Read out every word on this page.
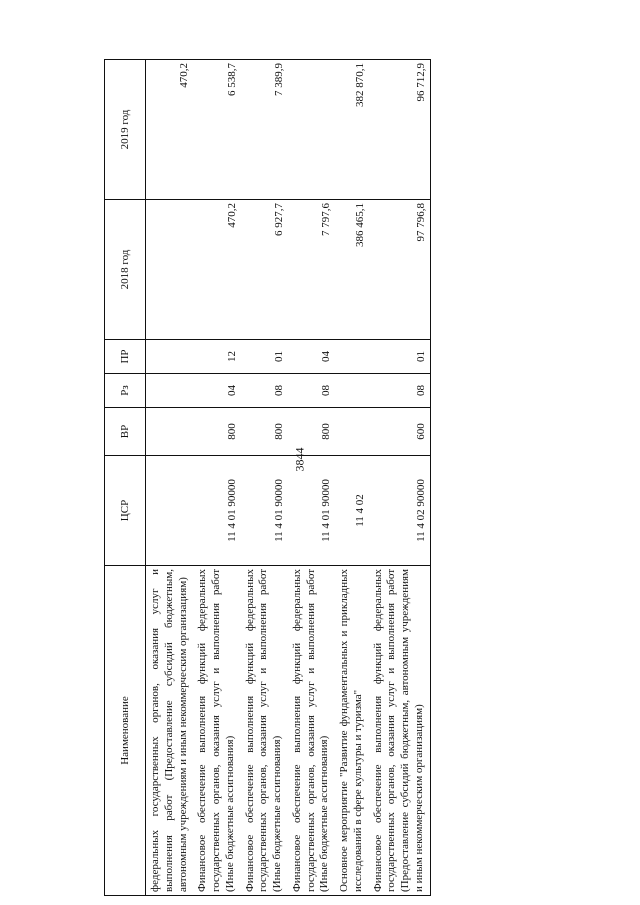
3844
Наименование	ЦСР	ВР	Рз	ПР	2018 год	2019 год
федеральных государственных органов, оказания услуг и выполнения работ (Предоставление субсидий бюджетным, автономным учреждениям и иным некоммерческим организациям)						470,2
Финансовое обеспечение выполнения функций федеральных государственных органов, оказания услуг и выполнения работ (Иные бюджетные ассигнования)	11 4 01 90000	800	04	12	470,2	6 538,7
Финансовое обеспечение выполнения функций федеральных государственных органов, оказания услуг и выполнения работ (Иные бюджетные ассигнования)	11 4 01 90000	800	08	01	6 927,7	7 389,9
Финансовое обеспечение выполнения функций федеральных государственных органов, оказания услуг и выполнения работ (Иные бюджетные ассигнования)	11 4 01 90000	800	08	04	7 797,6	
Основное мероприятие "Развитие фундаментальных и прикладных исследований в сфере культуры и туризма"	11 4 02				386 465,1	382 870,1
Финансовое обеспечение выполнения функций федеральных государственных органов, оказания услуг и выполнения работ (Предоставление субсидий бюджетным, автономным учреждениям и иным некоммерческим организациям)	11 4 02 90000	600	08	01	97 796,8	96 712,9
